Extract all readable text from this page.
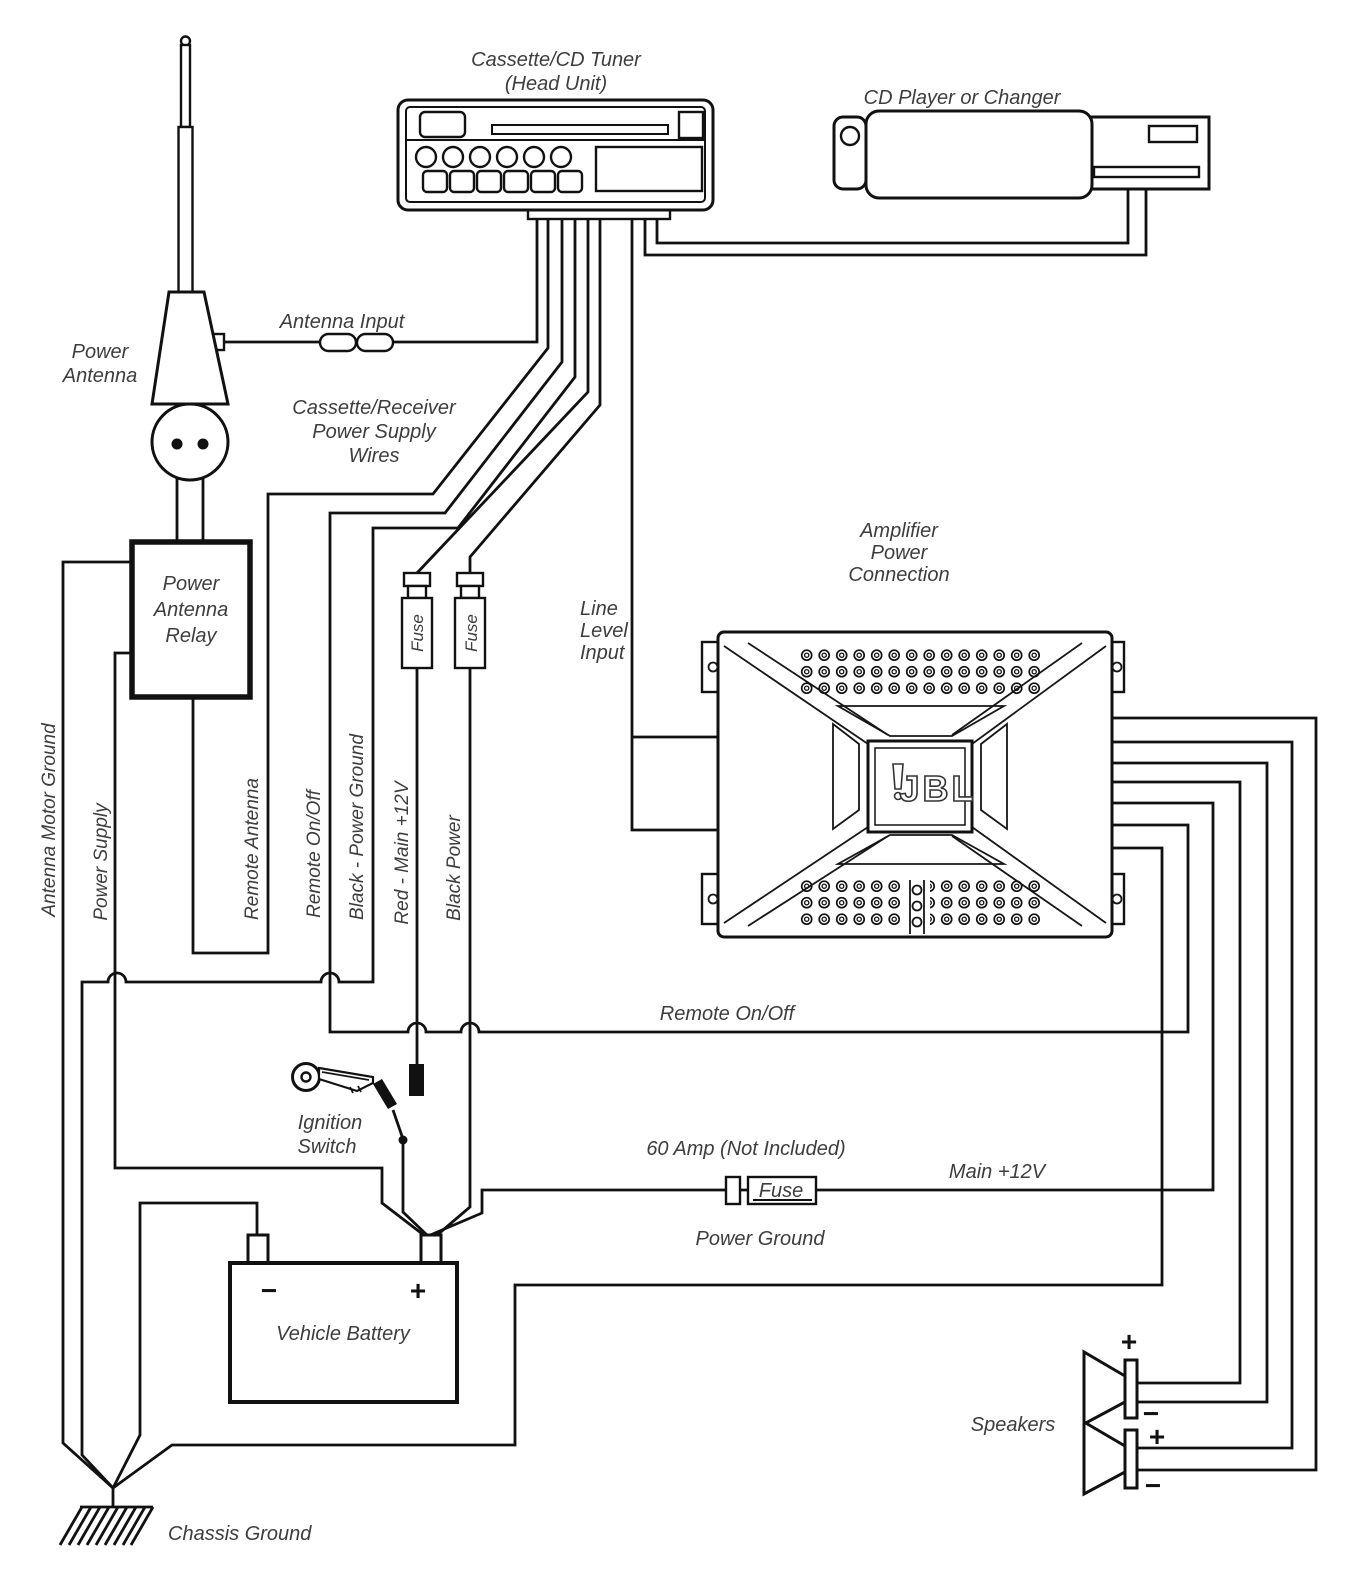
Chassis Ground
Power
Antenna
Antenna Input
Cassette/CD Tuner
(Head Unit)
CD Player or Changer
Power
Antenna
Relay
Antenna Motor Ground Power Supply	Remote Antenna Remote On/Off Black - Power Ground Red - Main +12V Black Power
Cassette/Receiver
Power Supply
Wires
Line
Level
Input
Fuse Fuse
Amplifier
Power
Connection
JBL
Remote On/Off
60 Amp (Not Included)
Main +12V
Power Ground
Fuse
Ignition
Switch
−	+
Vehicle Battery
Speakers
+
−
+
−
